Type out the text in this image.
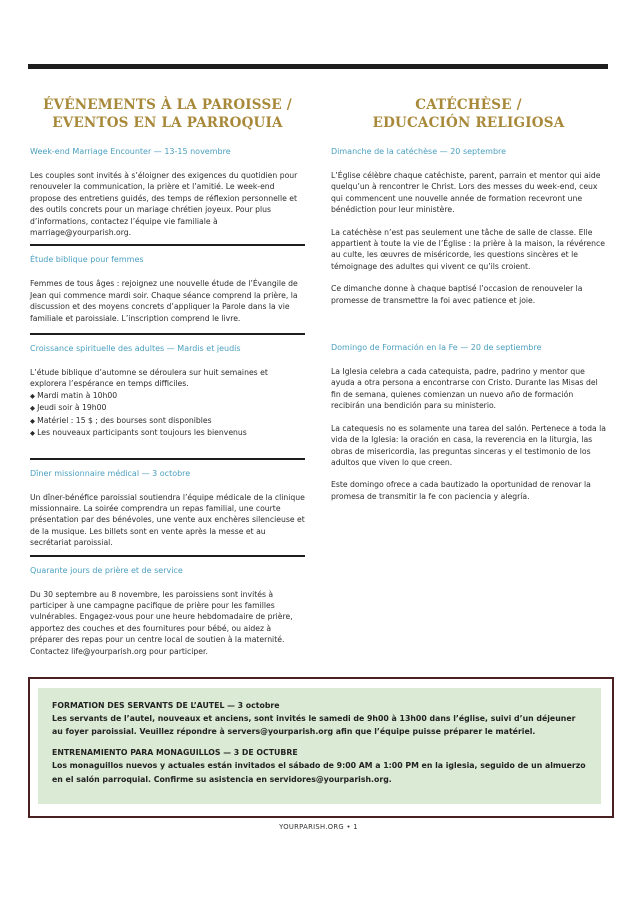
ÉVÉNEMENTS À LA PAROISSE /
EVENTOS EN LA PARROQUIA
Week-end Marriage Encounter — 13-15 novembre

Les couples sont invités à s’éloigner des exigences du quotidien pour renouveler la communication, la prière et l’amitié. Le week-end propose des entretiens guidés, des temps de réflexion personnelle et des outils concrets pour un mariage chrétien joyeux. Pour plus d’informations, contactez l’équipe vie familiale à marriage@yourparish.org.

Étude biblique pour femmes

Femmes de tous âges : rejoignez une nouvelle étude de l’Évangile de Jean qui commence mardi soir. Chaque séance comprend la prière, la discussion et des moyens concrets d’appliquer la Parole dans la vie familiale et paroissiale. L’inscription comprend le livre.

Croissance spirituelle des adultes — Mardis et jeudis

L’étude biblique d’automne se déroulera sur huit semaines et explorera l’espérance en temps difficiles.

◆ Mardi matin à 10h00
◆ Jeudi soir à 19h00
◆ Matériel : 15 $ ; des bourses sont disponibles
◆ Les nouveaux participants sont toujours les bienvenus
Dîner missionnaire médical — 3 octobre

Un dîner-bénéfice paroissial soutiendra l’équipe médicale de la clinique missionnaire. La soirée comprendra un repas familial, une courte présentation par des bénévoles, une vente aux enchères silencieuse et de la musique. Les billets sont en vente après la messe et au secrétariat paroissial.

Quarante jours de prière et de service

Du 30 septembre au 8 novembre, les paroissiens sont invités à participer à une campagne pacifique de prière pour les familles vulnérables. Engagez-vous pour une heure hebdomadaire de prière, apportez des couches et des fournitures pour bébé, ou aidez à préparer des repas pour un centre local de soutien à la maternité. Contactez life@yourparish.org pour participer.

CATÉCHÈSE /
EDUCACIÓN RELIGIOSA
Dimanche de la catéchèse — 20 septembre

L’Église célèbre chaque catéchiste, parent, parrain et mentor qui aide quelqu’un à rencontrer le Christ. Lors des messes du week-end, ceux qui commencent une nouvelle année de formation recevront une bénédiction pour leur ministère.

La catéchèse n’est pas seulement une tâche de salle de classe. Elle appartient à toute la vie de l’Église : la prière à la maison, la révérence au culte, les œuvres de miséricorde, les questions sincères et le témoignage des adultes qui vivent ce qu’ils croient.

Ce dimanche donne à chaque baptisé l’occasion de renouveler la promesse de transmettre la foi avec patience et joie.

Domingo de Formación en la Fe — 20 de septiembre

La Iglesia celebra a cada catequista, padre, padrino y mentor que ayuda a otra persona a encontrarse con Cristo. Durante las Misas del fin de semana, quienes comienzan un nuevo año de formación recibirán una bendición para su ministerio.

La catequesis no es solamente una tarea del salón. Pertenece a toda la vida de la Iglesia: la oración en casa, la reverencia en la liturgia, las obras de misericordia, las preguntas sinceras y el testimonio de los adultos que viven lo que creen.

Este domingo ofrece a cada bautizado la oportunidad de renovar la promesa de transmitir la fe con paciencia y alegría.

FORMATION DES SERVANTS DE L’AUTEL — 3 octobre
Les servants de l’autel, nouveaux et anciens, sont invités le samedi de 9h00 à 13h00 dans l’église, suivi d’un déjeuner au foyer paroissial. Veuillez répondre à servers@yourparish.org afin que l’équipe puisse préparer le matériel.
ENTRENAMIENTO PARA MONAGUILLOS — 3 DE OCTUBRE
Los monaguillos nuevos y actuales están invitados el sábado de 9:00 AM a 1:00 PM en la iglesia, seguido de un almuerzo en el salón parroquial. Confirme su asistencia en servidores@yourparish.org.
YOURPARISH.ORG • 1
